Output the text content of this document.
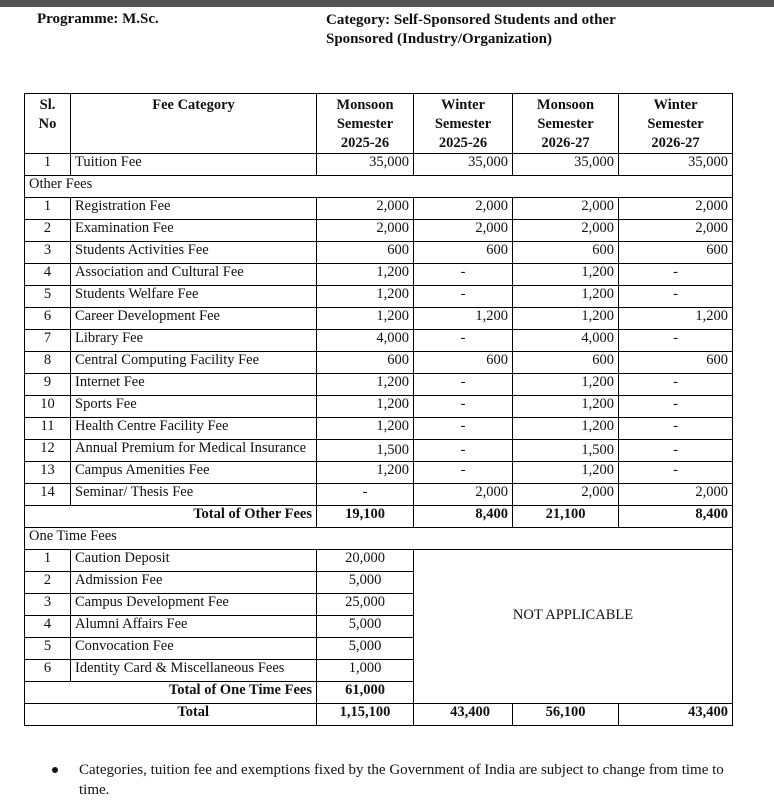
Programme: M.Sc.	Category: Self-Sponsored Students and other
Sponsored (Industry/Organization)
Sl.
No	Fee Category	Monsoon
Semester
2025-26	Winter
Semester
2025-26	Monsoon
Semester
2026-27	Winter
Semester
2026-27
1	Tuition Fee	35,000	35,000	35,000	35,000
Other Fees					
1	Registration Fee	2,000	2,000	2,000	2,000
2	Examination Fee	2,000	2,000	2,000	2,000
3	Students Activities Fee	600	600	600	600
4	Association and Cultural Fee	1,200	-	1,200	-
5	Students Welfare Fee	1,200	-	1,200	-
6	Career Development Fee	1,200	1,200	1,200	1,200
7	Library Fee	4,000	-	4,000	-
8	Central Computing Facility Fee	600	600	600	600
9	Internet Fee	1,200	-	1,200	-
10	Sports Fee	1,200	-	1,200	-
11	Health Centre Facility Fee	1,200	-	1,200	-
12	Annual Premium for Medical Insurance	1,500	-	1,500	-
13	Campus Amenities Fee	1,200	-	1,200	-
14	Seminar/ Thesis Fee	-	2,000	2,000	2,000
	Total of Other Fees	19,100	8,400	21,100	8,400
One Time Fees					
1	Caution Deposit	20,000	NOT APPLICABLE		
2	Admission Fee	5,000			
3	Campus Development Fee	25,000			
4	Alumni Affairs Fee	5,000			
5	Convocation Fee	5,000			
6	Identity Card & Miscellaneous Fees	1,000			
	Total of One Time Fees	61,000			
	Total	1,15,100	43,400	56,100	43,400
Categories, tuition fee and exemptions fixed by the Government of India are subject to change from time to time.
